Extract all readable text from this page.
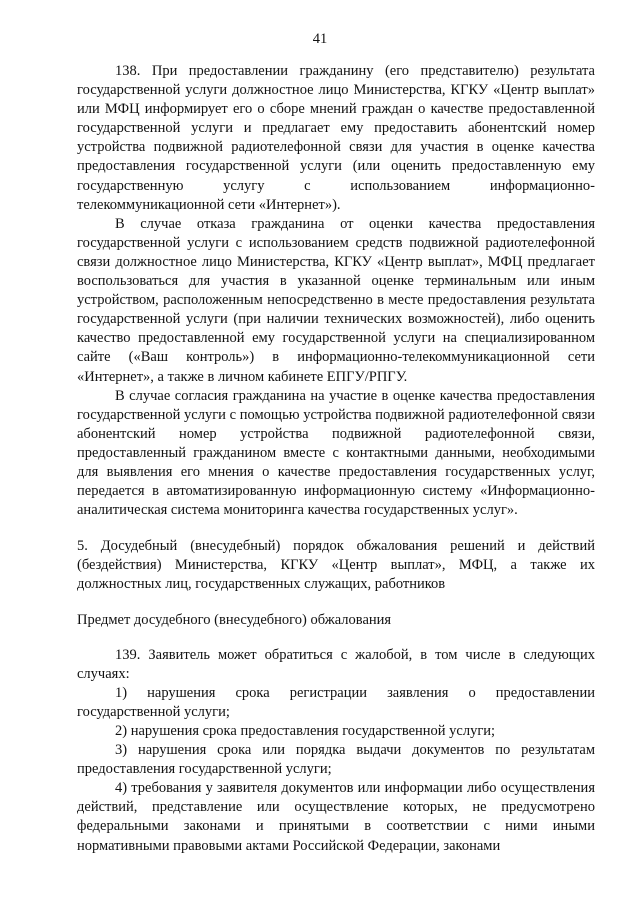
41

138. При предоставлении гражданину (его представителю) результата государственной услуги должностное лицо Министерства, КГКУ «Центр выплат» или МФЦ информирует его о сборе мнений граждан о качестве предоставленной государственной услуги и предлагает ему предоставить абонентский номер устройства подвижной радиотелефонной связи для участия в оценке качества предоставления государственной услуги (или оценить предоставленную ему государственную услугу с использованием информационно-телекоммуникационной сети «Интернет»).

В случае отказа гражданина от оценки качества предоставления государственной услуги с использованием средств подвижной радиотелефонной связи должностное лицо Министерства, КГКУ «Центр выплат», МФЦ предлагает воспользоваться для участия в указанной оценке терминальным или иным устройством, расположенным непосредственно в месте предоставления результата государственной услуги (при наличии технических возможностей), либо оценить качество предоставленной ему государственной услуги на специализированном сайте («Ваш контроль») в информационно-телекоммуникационной сети «Интернет», а также в личном кабинете ЕПГУ/РПГУ.

В случае согласия гражданина на участие в оценке качества предоставления государственной услуги с помощью устройства подвижной радиотелефонной связи абонентский номер устройства подвижной радиотелефонной связи, предоставленный гражданином вместе с контактными данными, необходимыми для выявления его мнения о качестве предоставления государственных услуг, передается в автоматизированную информационную систему «Информационно-аналитическая система мониторинга качества государственных услуг».

5. Досудебный (внесудебный) порядок обжалования решений и действий (бездействия) Министерства, КГКУ «Центр выплат», МФЦ, а также их должностных лиц, государственных служащих, работников

Предмет досудебного (внесудебного) обжалования

139. Заявитель может обратиться с жалобой, в том числе в следующих случаях:

1) нарушения срока регистрации заявления о предоставлении государственной услуги;

2) нарушения срока предоставления государственной услуги;

3) нарушения срока или порядка выдачи документов по результатам предоставления государственной услуги;

4) требования у заявителя документов или информации либо осуществления действий, представление или осуществление которых, не предусмотрено федеральными законами и принятыми в соответствии с ними иными нормативными правовыми актами Российской Федерации, законами
